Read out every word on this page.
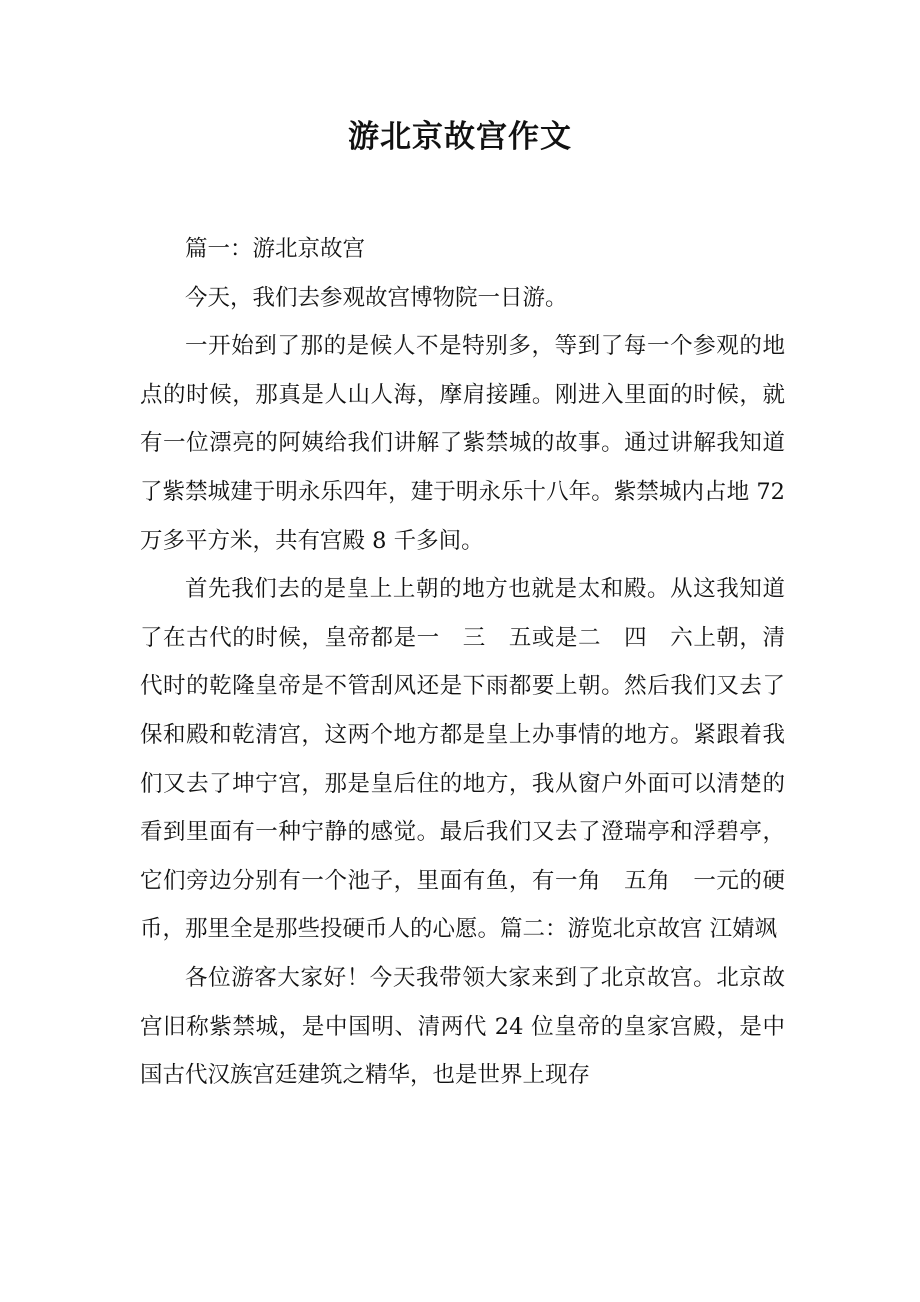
游北京故宫作文

篇一：游北京故宫

今天，我们去参观故宫博物院一日游。

一开始到了那的是候人不是特别多，等到了每一个参观的地点的时候，那真是人山人海，摩肩接踵。刚进入里面的时候，就有一位漂亮的阿姨给我们讲解了紫禁城的故事。通过讲解我知道了紫禁城建于明永乐四年，建于明永乐十八年。紫禁城内占地 72 万多平方米，共有宫殿 8 千多间。

首先我们去的是皇上上朝的地方也就是太和殿。从这我知道了在古代的时候，皇帝都是一　三　五或是二　四　六上朝，清代时的乾隆皇帝是不管刮风还是下雨都要上朝。然后我们又去了保和殿和乾清宫，这两个地方都是皇上办事情的地方。紧跟着我们又去了坤宁宫，那是皇后住的地方，我从窗户外面可以清楚的看到里面有一种宁静的感觉。最后我们又去了澄瑞亭和浮碧亭，它们旁边分别有一个池子，里面有鱼，有一角　五角　一元的硬币，那里全是那些投硬币人的心愿。篇二：游览北京故宫 江婧飒

各位游客大家好！今天我带领大家来到了北京故宫。北京故宫旧称紫禁城，是中国明、清两代 24 位皇帝的皇家宫殿，是中国古代汉族宫廷建筑之精华，也是世界上现存
